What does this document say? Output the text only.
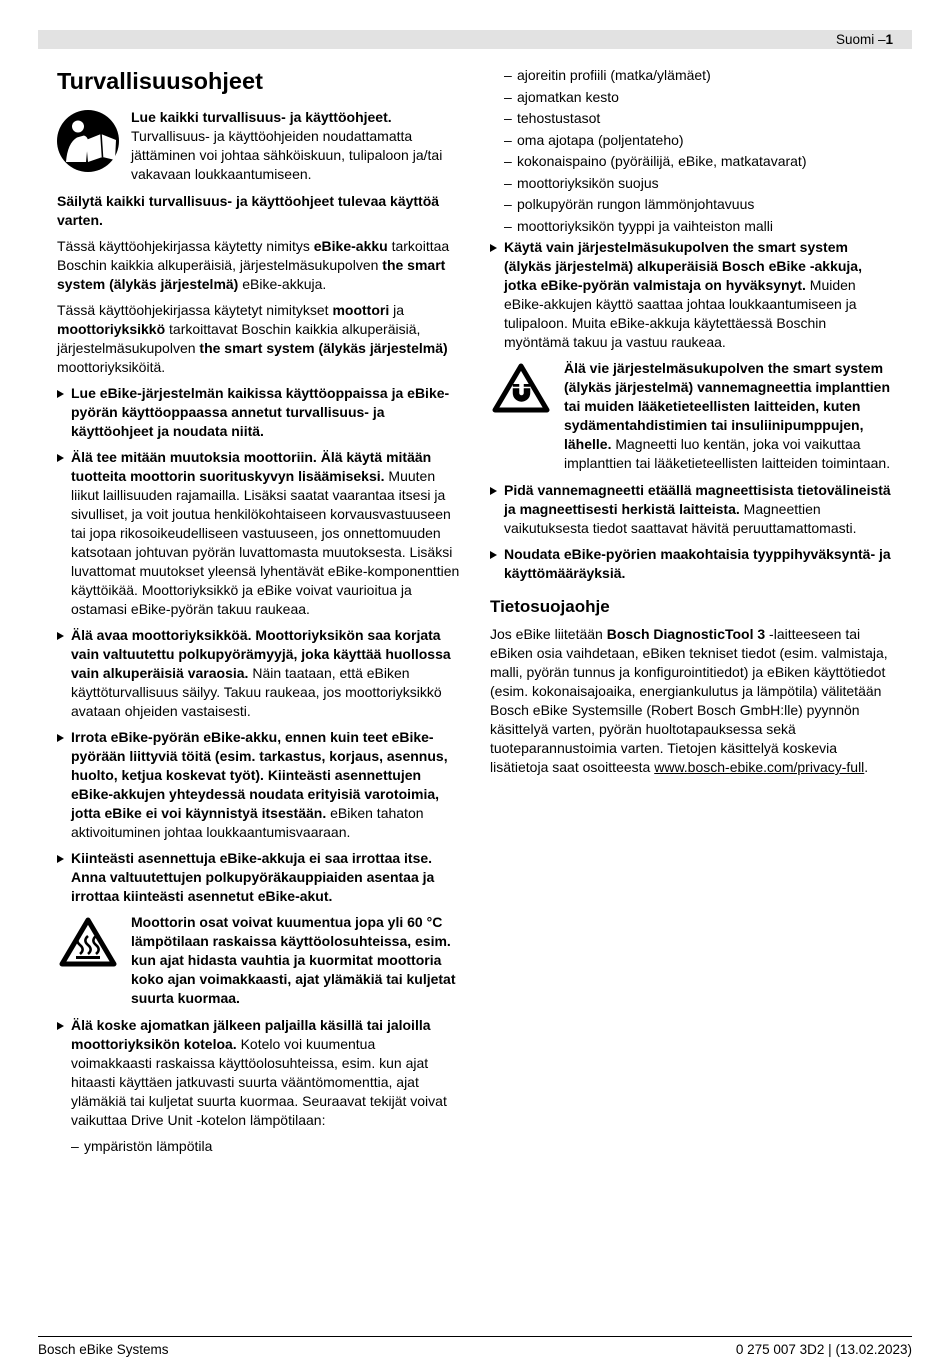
Suomi – 1
Turvallisuusohjeet
Lue kaikki turvallisuus- ja käyttöohjeet. Turvallisuus- ja käyttöohjeiden noudattamatta jättäminen voi johtaa sähköiskuun, tulipaloon ja/tai vakavaan loukkaantumiseen.
Säilytä kaikki turvallisuus- ja käyttöohjeet tulevaa käyttöä varten.
Tässä käyttöohjekirjassa käytetty nimitys eBike-akku tarkoittaa Boschin kaikkia alkuperäisiä, järjestelmäsukupolven the smart system (älykäs järjestelmä) eBike-akkuja.
Tässä käyttöohjekirjassa käytetyt nimitykset moottori ja moottoriyksikkö tarkoittavat Boschin kaikkia alkuperäisiä, järjestelmäsukupolven the smart system (älykäs järjestelmä) moottoriyksiköitä.
Lue eBike-järjestelmän kaikissa käyttöoppaissa ja eBike-pyörän käyttöoppaassa annetut turvallisuus- ja käyttöohjeet ja noudata niitä.
Älä tee mitään muutoksia moottoriin. Älä käytä mitään tuotteita moottorin suorituskyvyn lisäämiseksi. Muuten liikut laillisuuden rajamailla. Lisäksi saatat vaarantaa itsesi ja sivulliset, ja voit joutua henkilökohtaiseen korvausvastuuseen tai jopa rikosoikeudelliseen vastuuseen, jos onnettomuuden katsotaan johtuvan pyörän luvattomasta muutoksesta. Lisäksi luvattomat muutokset yleensä lyhentävät eBike-komponenttien käyttöikää. Moottoriyksikkö ja eBike voivat vaurioitua ja ostamasi eBike-pyörän takuu raukeaa.
Älä avaa moottoriyksikköä. Moottoriyksikön saa korjata vain valtuutettu polkupyörämyyjä, joka käyttää huollossa vain alkuperäisiä varaosia. Näin taataan, että eBiken käyttöturvallisuus säilyy. Takuu raukeaa, jos moottoriyksikkö avataan ohjeiden vastaisesti.
Irrota eBike-pyörän eBike-akku, ennen kuin teet eBike-pyörään liittyviä töitä (esim. tarkastus, korjaus, asennus, huolto, ketjua koskevat työt). Kiinteästi asennettujen eBike-akkujen yhteydessä noudata erityisiä varotoimia, jotta eBike ei voi käynnistyä itsestään. eBiken tahaton aktivoituminen johtaa loukkaantumisvaaraan.
Kiinteästi asennettuja eBike-akkuja ei saa irrottaa itse. Anna valtuutettujen polkupyöräkauppiaiden asentaa ja irrottaa kiinteästi asennetut eBike-akut.
Moottorin osat voivat kuumentua jopa yli 60 °C lämpötilaan raskaissa käyttöolosuhteissa, esim. kun ajat hidasta vauhtia ja kuormitat moottoria koko ajan voimakkaasti, ajat ylämäkiä tai kuljetat suurta kuormaa.
Älä koske ajomatkan jälkeen paljailla käsillä tai jaloilla moottoriyksikön koteloa. Kotelo voi kuumentua voimakkaasti raskaissa käyttöolosuhteissa, esim. kun ajat hitaasti käyttäen jatkuvasti suurta vääntömomenttia, ajat ylämäkiä tai kuljetat suurta kuormaa. Seuraavat tekijät voivat vaikuttaa Drive Unit -kotelon lämpötilaan:
– ympäristön lämpötila
– ajoreitin profiili (matka/ylämäet)
– ajomatkan kesto
– tehostustasot
– oma ajotapa (poljentateho)
– kokonaispaino (pyöräilijä, eBike, matkatavarat)
– moottoriyksikön suojus
– polkupyörän rungon lämmönjohtavuus
– moottoriyksikön tyyppi ja vaihteiston malli
Käytä vain järjestelmäsukupolven the smart system (älykäs järjestelmä) alkuperäisiä Bosch eBike -akkuja, jotka eBike-pyörän valmistaja on hyväksynyt. Muiden eBike-akkujen käyttö saattaa johtaa loukkaantumiseen ja tulipaloon. Muita eBike-akkuja käytettäessä Boschin myöntämä takuu ja vastuu raukeaa.
Älä vie järjestelmäsukupolven the smart system (älykäs järjestelmä) vannemagneettia implanttien tai muiden lääketieteellisten laitteiden, kuten sydämentahdistimien tai insuliinipumppujen, lähelle. Magneetti luo kentän, joka voi vaikuttaa implanttien tai lääketieteellisten laitteiden toimintaan.
Pidä vannemagneetti etäällä magneettisista tietovälineistä ja magneettisesti herkistä laitteista. Magneettien vaikutuksesta tiedot saattavat hävitä peruuttamattomasti.
Noudata eBike-pyörien maakohtaisia tyyppihyväksyntä- ja käyttömääräyksiä.
Tietosuojaohje
Jos eBike liitetään Bosch DiagnosticTool 3 -laitteeseen tai eBiken osia vaihdetaan, eBiken tekniset tiedot (esim. valmistaja, malli, pyörän tunnus ja konfigurointitiedot) ja eBiken käyttötiedot (esim. kokonaisajoaika, energiankulutus ja lämpötila) välitetään Bosch eBike Systemsille (Robert Bosch GmbH:lle) pyynnön käsittelyä varten, pyörän huoltotapauksessa sekä tuoteparannustoimia varten. Tietojen käsittelyä koskevia lisätietoja saat osoitteesta www.bosch-ebike.com/privacy-full.
Bosch eBike Systems	0 275 007 3D2 | (13.02.2023)
